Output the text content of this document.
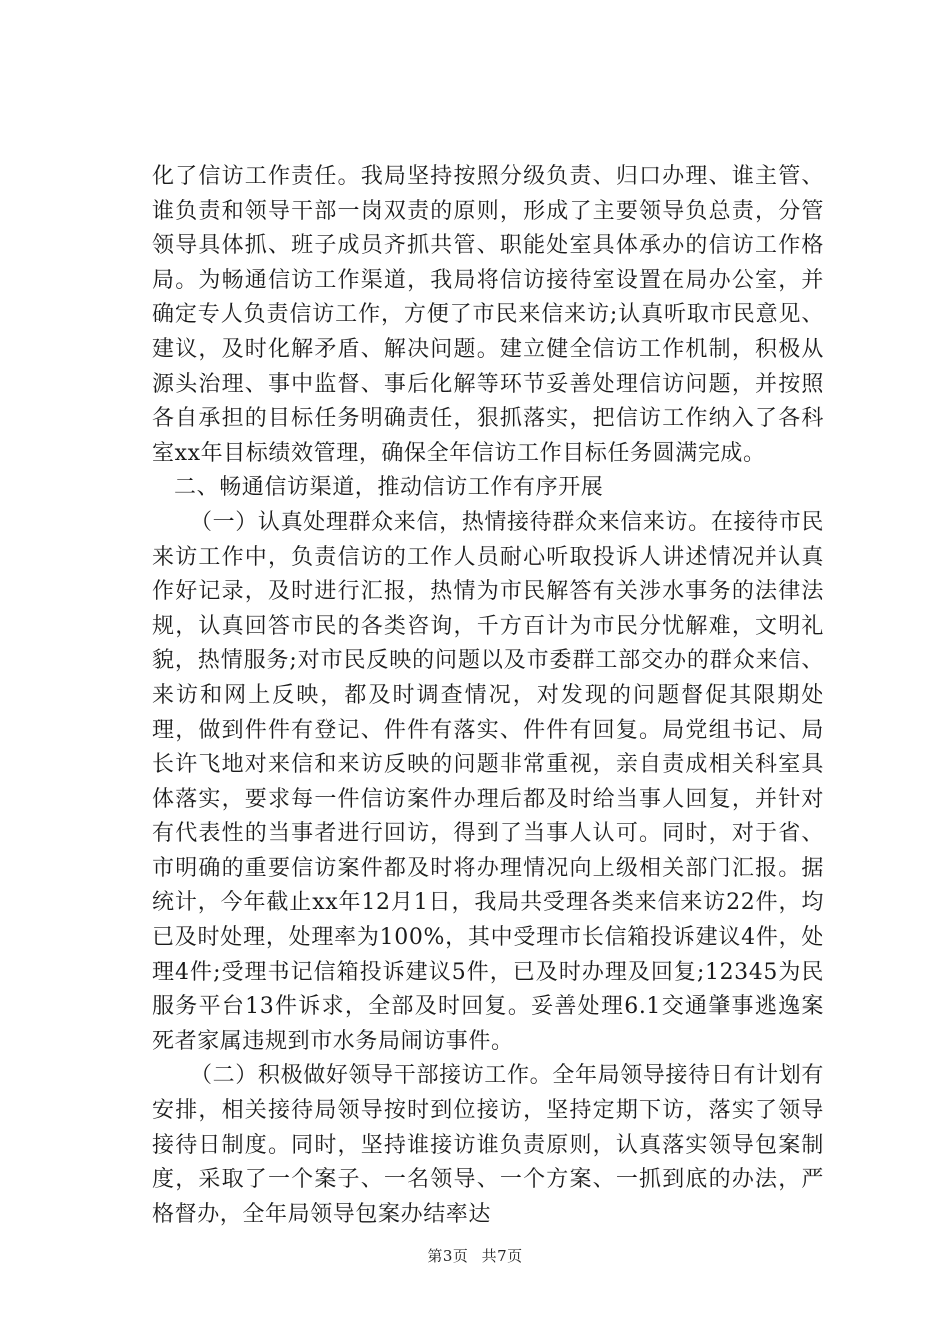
化了信访工作责任。我局坚持按照分级负责、归口办理、谁主管、谁负责和领导干部一岗双责的原则，形成了主要领导负总责，分管领导具体抓、班子成员齐抓共管、职能处室具体承办的信访工作格局。为畅通信访工作渠道，我局将信访接待室设置在局办公室，并确定专人负责信访工作，方便了市民来信来访;认真听取市民意见、建议，及时化解矛盾、解决问题。建立健全信访工作机制，积极从源头治理、事中监督、事后化解等环节妥善处理信访问题，并按照各自承担的目标任务明确责任，狠抓落实，把信访工作纳入了各科室xx年目标绩效管理，确保全年信访工作目标任务圆满完成。

二、畅通信访渠道，推动信访工作有序开展

（一）认真处理群众来信，热情接待群众来信来访。在接待市民来访工作中，负责信访的工作人员耐心听取投诉人讲述情况并认真作好记录，及时进行汇报，热情为市民解答有关涉水事务的法律法规，认真回答市民的各类咨询，千方百计为市民分忧解难，文明礼貌，热情服务;对市民反映的问题以及市委群工部交办的群众来信、来访和网上反映，都及时调查情况，对发现的问题督促其限期处理，做到件件有登记、件件有落实、件件有回复。局党组书记、局长许飞地对来信和来访反映的问题非常重视，亲自责成相关科室具体落实，要求每一件信访案件办理后都及时给当事人回复，并针对有代表性的当事者进行回访，得到了当事人认可。同时，对于省、市明确的重要信访案件都及时将办理情况向上级相关部门汇报。据统计，今年截止xx年12月1日，我局共受理各类来信来访22件，均已及时处理，处理率为100%，其中受理市长信箱投诉建议4件，处理4件;受理书记信箱投诉建议5件，已及时办理及回复;12345为民服务平台13件诉求，全部及时回复。妥善处理6.1交通肇事逃逸案死者家属违规到市水务局闹访事件。

（二）积极做好领导干部接访工作。全年局领导接待日有计划有安排，相关接待局领导按时到位接访，坚持定期下访，落实了领导接待日制度。同时，坚持谁接访谁负责原则，认真落实领导包案制度，采取了一个案子、一名领导、一个方案、一抓到底的办法，严格督办，全年局领导包案办结率达

第3页 共7页
